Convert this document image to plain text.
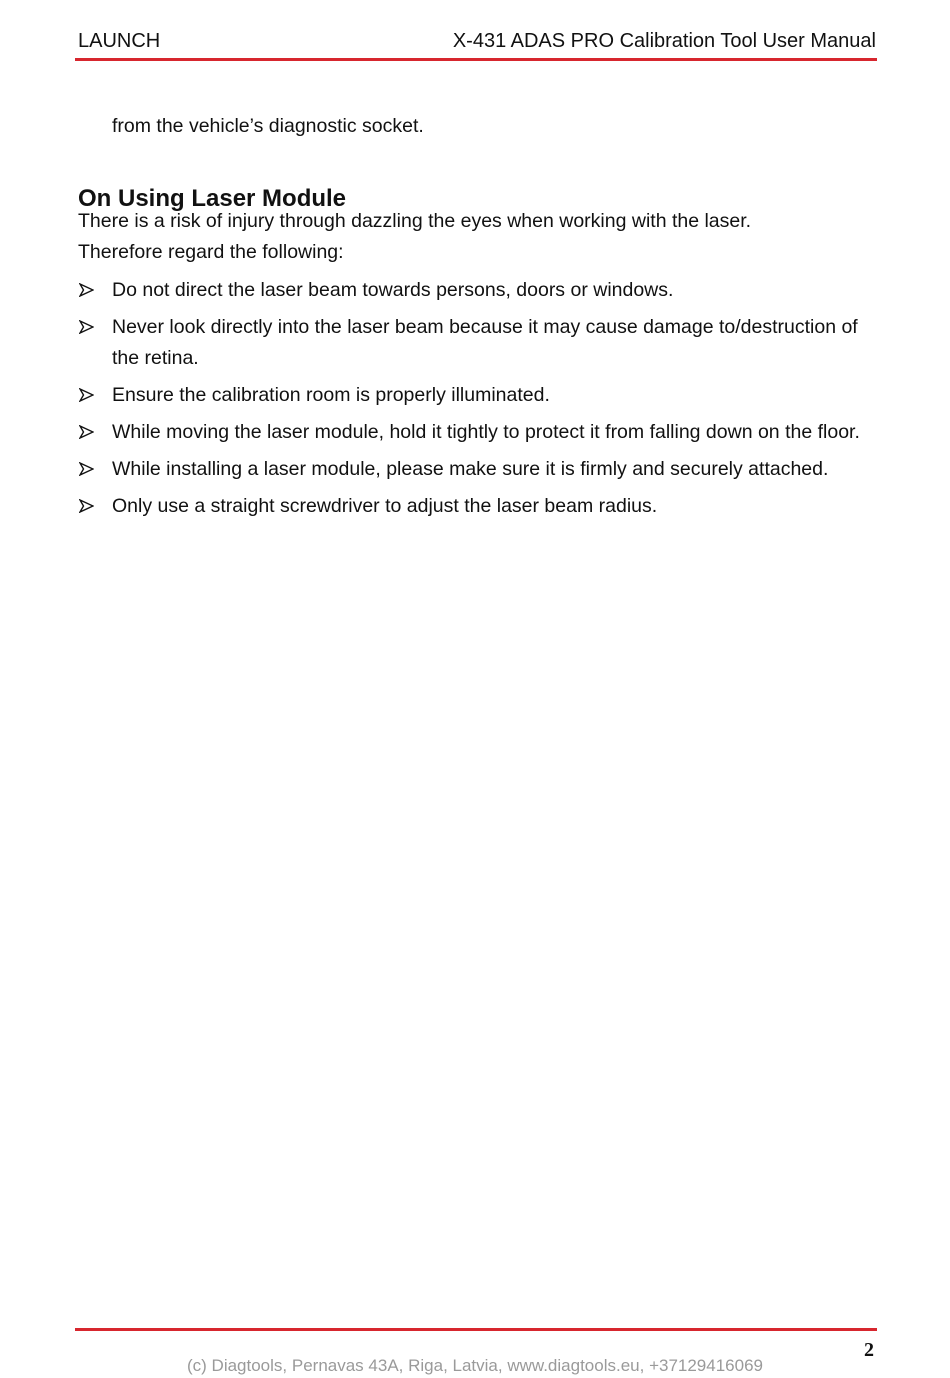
LAUNCH	X-431 ADAS PRO Calibration Tool User Manual
from the vehicle’s diagnostic socket.
On Using Laser Module
There is a risk of injury through dazzling the eyes when working with the laser.
Therefore regard the following:
Do not direct the laser beam towards persons, doors or windows.
Never look directly into the laser beam because it may cause damage to/destruction of the retina.
Ensure the calibration room is properly illuminated.
While moving the laser module, hold it tightly to protect it from falling down on the floor.
While installing a laser module, please make sure it is firmly and securely attached.
Only use a straight screwdriver to adjust the laser beam radius.
2
(c) Diagtools, Pernavas 43A, Riga, Latvia, www.diagtools.eu, +37129416069
